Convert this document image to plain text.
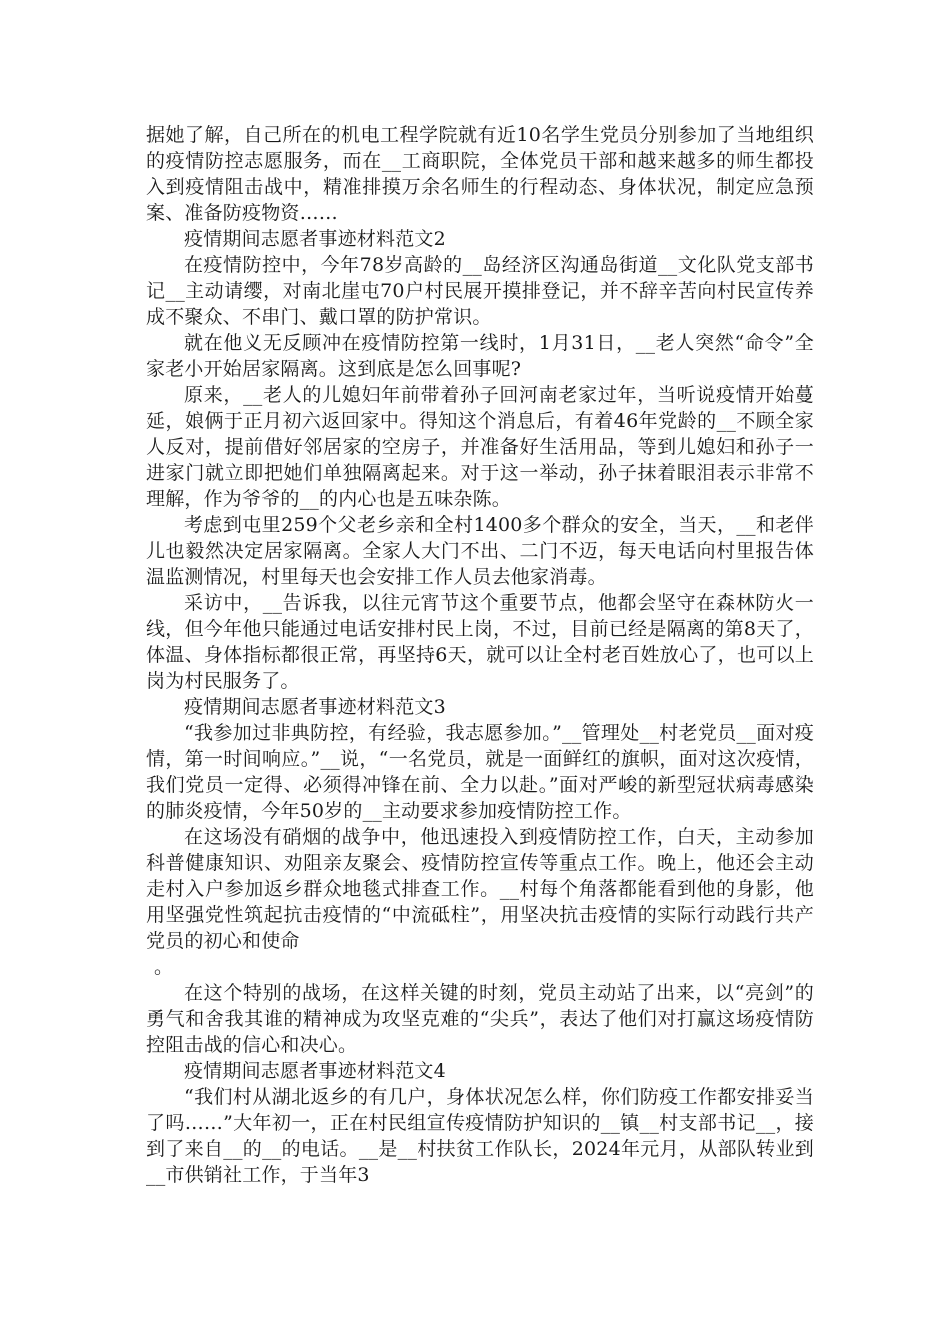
据她了解，自己所在的机电工程学院就有近10名学生党员分别参加了当地组织的疫情防控志愿服务，而在__工商职院，全体党员干部和越来越多的师生都投入到疫情阻击战中，精准排摸万余名师生的行程动态、身体状况，制定应急预案、准备防疫物资……

疫情期间志愿者事迹材料范文2

在疫情防控中，今年78岁高龄的__岛经济区沟通岛街道__文化队党支部书记__主动请缨，对南北崖屯70户村民展开摸排登记，并不辞辛苦向村民宣传养成不聚众、不串门、戴口罩的防护常识。

就在他义无反顾冲在疫情防控第一线时，1月31日，__老人突然“命令”全家老小开始居家隔离。这到底是怎么回事呢?

原来，__老人的儿媳妇年前带着孙子回河南老家过年，当听说疫情开始蔓延，娘俩于正月初六返回家中。得知这个消息后，有着46年党龄的__不顾全家人反对，提前借好邻居家的空房子，并准备好生活用品，等到儿媳妇和孙子一进家门就立即把她们单独隔离起来。对于这一举动，孙子抹着眼泪表示非常不理解，作为爷爷的__的内心也是五味杂陈。

考虑到屯里259个父老乡亲和全村1400多个群众的安全，当天，__和老伴儿也毅然决定居家隔离。全家人大门不出、二门不迈，每天电话向村里报告体温监测情况，村里每天也会安排工作人员去他家消毒。

采访中，__告诉我，以往元宵节这个重要节点，他都会坚守在森林防火一线，但今年他只能通过电话安排村民上岗，不过，目前已经是隔离的第8天了，体温、身体指标都很正常，再坚持6天，就可以让全村老百姓放心了，也可以上岗为村民服务了。

疫情期间志愿者事迹材料范文3

“我参加过非典防控，有经验，我志愿参加。”__管理处__村老党员__面对疫情，第一时间响应。”__说，“一名党员，就是一面鲜红的旗帜，面对这次疫情，我们党员一定得、必须得冲锋在前、全力以赴。”面对严峻的新型冠状病毒感染的肺炎疫情，今年50岁的__主动要求参加疫情防控工作。

在这场没有硝烟的战争中，他迅速投入到疫情防控工作，白天，主动参加科普健康知识、劝阻亲友聚会、疫情防控宣传等重点工作。晚上，他还会主动走村入户参加返乡群众地毯式排查工作。__村每个角落都能看到他的身影，他用坚强党性筑起抗击疫情的“中流砥柱”，用坚决抗击疫情的实际行动践行共产党员的初心和使命

。

在这个特别的战场，在这样关键的时刻，党员主动站了出来，以“亮剑”的勇气和舍我其谁的精神成为攻坚克难的“尖兵”，表达了他们对打赢这场疫情防控阻击战的信心和决心。

疫情期间志愿者事迹材料范文4

“我们村从湖北返乡的有几户，身体状况怎么样，你们防疫工作都安排妥当了吗……”大年初一，正在村民组宣传疫情防护知识的__镇__村支部书记__，接到了来自__的__的电话。__是__村扶贫工作队长，2024年元月，从部队转业到__市供销社工作，于当年3
